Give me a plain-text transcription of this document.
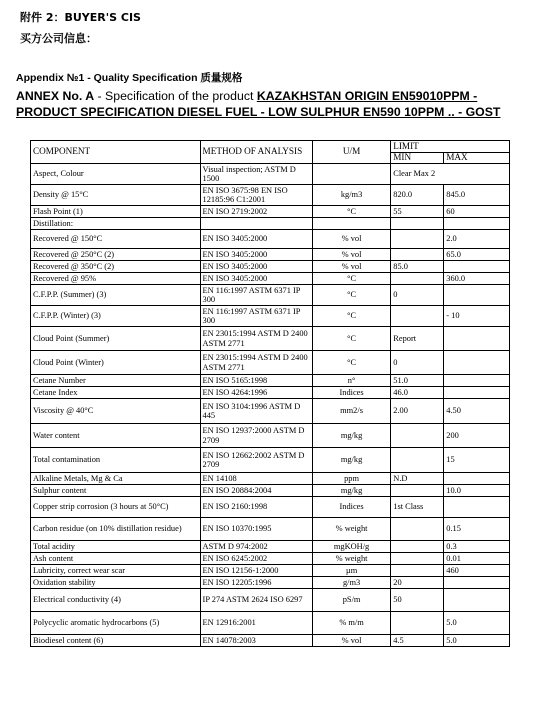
附件 2：BUYER'S CIS
买方公司信息：
Appendix №1 - Quality Specification 质量规格
ANNEX No. A - Specification of the product KAZAKHSTAN ORIGIN EN59010PPM - PRODUCT SPECIFICATION DIESEL FUEL - LOW SULPHUR EN590 10PPM .. - GOST
COMPONENT	METHOD OF ANALYSIS	U/M	LIMIT	
			MIN	MAX
Aspect, Colour	Visual inspection; ASTM D 1500		Clear Max 2	
Density @ 15°C	EN ISO 3675:98 EN ISO 12185:96 C1:2001	kg/m3	820.0	845.0
Flash Point (1)	EN ISO 2719:2002	°C	55	60
Distillation:				
Recovered @ 150°C	EN ISO 3405:2000	% vol		2.0
Recovered @ 250°C (2)	EN ISO 3405:2000	% vol		65.0
Recovered @ 350°C (2)	EN ISO 3405:2000	% vol	85.0	
Recovered @ 95%	EN ISO 3405:2000	°C		360.0
C.F.P.P. (Summer) (3)	EN 116:1997 ASTM 6371 IP 300	°C	0	
C.F.P.P. (Winter) (3)	EN 116:1997 ASTM 6371 IP 300	°C		- 10
Cloud Point (Summer)	EN 23015:1994 ASTM D 2400 ASTM 2771	°C	Report	
Cloud Point (Winter)	EN 23015:1994 ASTM D 2400 ASTM 2771	°C	0	
Cetane Number	EN ISO 5165:1998	n°	51.0	
Cetane Index	EN ISO 4264:1996	Indices	46.0	
Viscosity @ 40°C	EN ISO 3104:1996 ASTM D 445	mm2/s	2.00	4.50
Water content	EN ISO 12937:2000 ASTM D 2709	mg/kg		200
Total contamination	EN ISO 12662:2002 ASTM D 2709	mg/kg		15
Alkaline Metals, Mg & Ca	EN 14108	ppm	N.D	
Sulphur content	EN ISO 20884:2004	mg/kg		10.0
Copper strip corrosion (3 hours at 50°C)	EN ISO 2160:1998	Indices	1st Class	
Carbon residue (on 10% distillation residue)	EN ISO 10370:1995	% weight		0.15
Total acidity	ASTM D 974:2002	mgKOH/g		0.3
Ash content	EN ISO 6245:2002	% weight		0.01
Lubricity, correct wear scar	EN ISO 12156-1:2000	µm		460
Oxidation stability	EN ISO 12205:1996	g/m3	20	
Electrical conductivity (4)	IP 274 ASTM 2624 ISO 6297	pS/m	50	
Polycyclic aromatic hydrocarbons (5)	EN 12916:2001	% m/m		5.0
Biodiesel content (6)	EN 14078:2003	% vol	4.5	5.0
